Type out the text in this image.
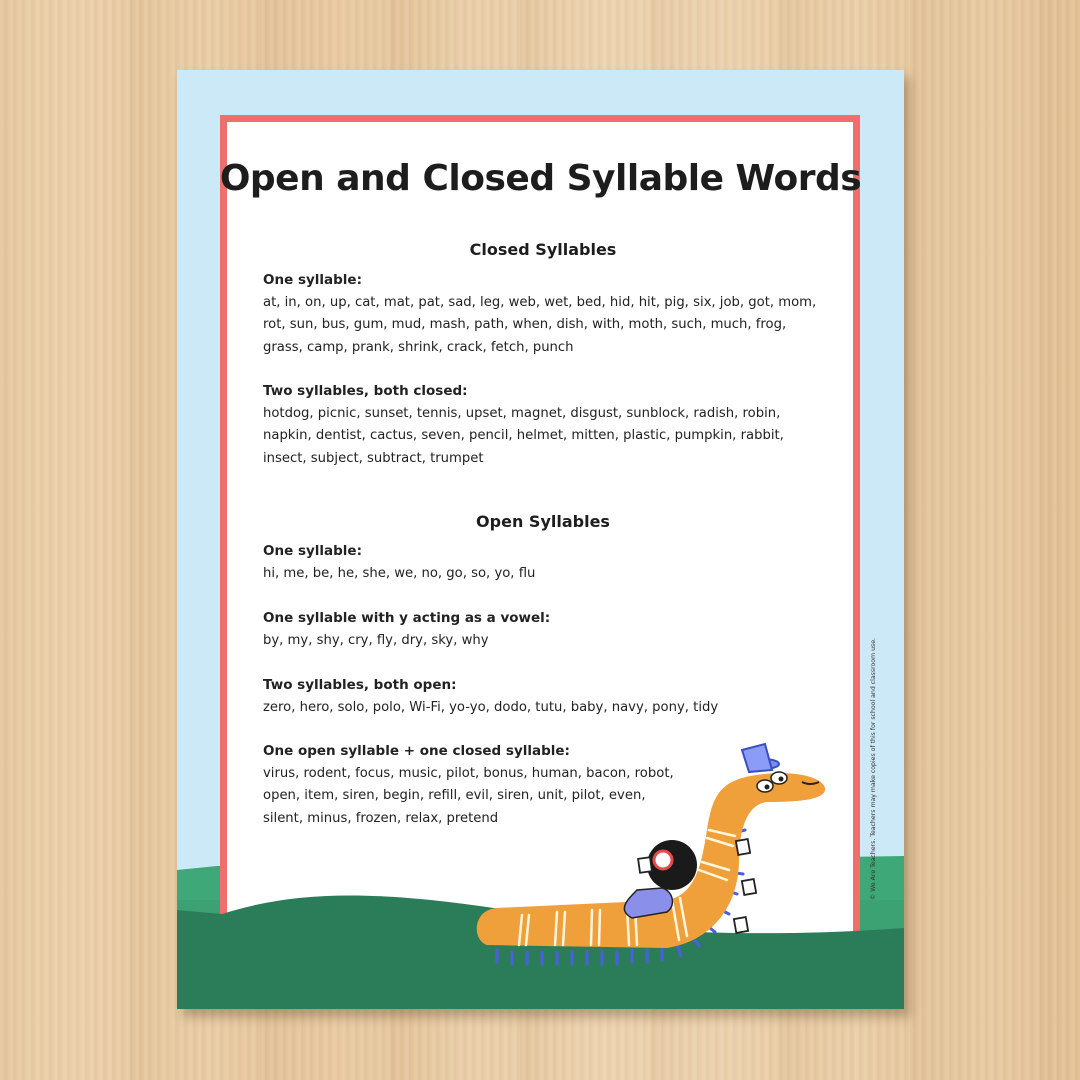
Open and Closed Syllable Words
Closed Syllables
One syllable:
at, in, on, up, cat, mat, pat, sad, leg, web, wet, bed, hid, hit, pig, six, job, got, mom, rot, sun, bus, gum, mud, mash, path, when, dish, with, moth, such, much, frog, grass, camp, prank, shrink, crack, fetch, punch
Two syllables, both closed:
hotdog, picnic, sunset, tennis, upset, magnet, disgust, sunblock, radish, robin, napkin, dentist, cactus, seven, pencil, helmet, mitten, plastic, pumpkin, rabbit, insect, subject, subtract, trumpet
Open Syllables
One syllable:
hi, me, be, he, she, we, no, go, so, yo, flu
One syllable with y acting as a vowel:
by, my, shy, cry, fly, dry, sky, why
Two syllables, both open:
zero, hero, solo, polo, Wi-Fi, yo-yo, dodo, tutu, baby, navy, pony, tidy
One open syllable + one closed syllable:
virus, rodent, focus, music, pilot, bonus, human, bacon, robot, open, item, siren, begin, refill, evil, siren, unit, pilot, even, silent, minus, frozen, relax, pretend	© We Are Teachers. Teachers may make copies of this for school and classroom use.
